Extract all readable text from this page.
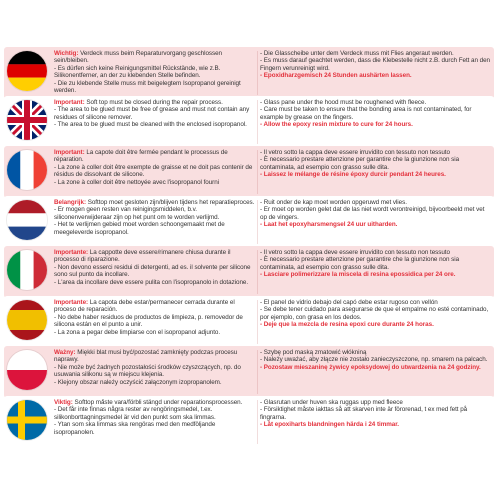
Wichtig: Verdeck muss beim Reparaturvorgang geschlossen sein/bleiben.
- Es dürfen sich keine Reinigungsmittel Rückstände, wie z.B. Silikonentferner, an der zu klebenden Stelle befinden.
- Die zu klebende Stelle muss mit beigelegtem Isopropanol gereinigt werden.
- Die Glasscheibe unter dem Verdeck muss mit Flies angeraut werden.
- Es muss darauf geachtet werden, dass die Klebestelle nicht z.B. durch Fett an den Fingern verunreinigt wird.
- Epoxidharzgemisch 24 Stunden aushärten lassen.
Important: Soft top must be closed during the repair process.
- The area to be glued must be free of grease and must not contain any residues of silicone remover.
- The area to be glued must be cleaned with the enclosed isopropanol.
- Glass pane under the hood must be roughened with fleece.
- Care must be taken to ensure that the bonding area is not contaminated, for example by grease on the fingers.
- Allow the epoxy resin mixture to cure for 24 hours.
Important: La capote doit être fermée pendant le processus de réparation.
- La zone à coller doit être exempte de graisse et ne doit pas contenir de résidus de dissolvant de silicone.
- La zone à coller doit être nettoyée avec l'isopropanol fourni
- Il vetro sotto la cappa deve essere irruvidito con tessuto non tessuto
- È necessario prestare attenzione per garantire che la giunzione non sia contaminata, ad esempio con grasso sulle dita.
- Laissez le mélange de résine époxy durcir pendant 24 heures.
Belangrijk: Softtop moet gesloten zijn/blijven tijdens het reparatieproces.
- Er mogen geen resten van reinigingsmiddelen, b.v. siliconenverwijderaar zijn op het punt om te worden verlijmd.
- Het te verlijmen gebied moet worden schoongemaakt met de meegeleverde isopropanol.
- Ruit onder de kap moet worden opgeruwd met vlies.
- Er moet op worden gelet dat de las niet wordt verontreinigd, bijvoorbeeld met vet op de vingers.
- Laat het epoxyharsmengsel 24 uur uitharden.
Importante: La cappotte deve essere/rimanere chiusa durante il processo di riparazione.
- Non devono esserci residui di detergenti, ad es. il solvente per silicone sono sul punto da incollare.
- L'area da incollare deve essere pulita con l'isopropanolo in dotazione.
- Il vetro sotto la cappa deve essere irruvidito con tessuto non tessuto
- È necessario prestare attenzione per garantire che la giunzione non sia contaminata, ad esempio con grasso sulle dita.
- Lasciare polimerizzare la miscela di resina epossidica per 24 ore.
Importante: La capota debe estar/permanecer cerrada durante el proceso de reparación.
- No debe haber residuos de productos de limpieza, p. removedor de silicona están en el punto a unir.
- La zona a pegar debe limpiarse con el isopropanol adjunto.
- El panel de vidrio debajo del capó debe estar rugoso con vellón
- Se debe tener cuidado para asegurarse de que el empalme no esté contaminado, por ejemplo, con grasa en los dedos.
- Deje que la mezcla de resina epoxi cure durante 24 horas.
Ważny: Miękki blat musi być/pozostać zamknięty podczas procesu naprawy.
- Nie może być żadnych pozostałości środków czyszczących, np. do usuwania silikonu są w miejscu klejenia.
- Klejony obszar należy oczyścić załączonym izopropanolem.
- Szybę pod maską zmatowić włókniną
- Należy uważać, aby złącze nie zostało zanieczyszczone, np. smarem na palcach.
- Pozostaw mieszaninę żywicy epoksydowej do utwardzenia na 24 godziny.
Viktig: Softtop måste vara/förbli stängd under reparationsprocessen.
- Det får inte finnas några rester av rengöringsmedel, t.ex. silikonborttagningsmedel är vid den punkt som ska limmas.
- Ytan som ska limmas ska rengöras med den medföljande isopropanolen.
- Glasrutan under huven ska ruggas upp med fleece
- Försiktighet måste iakttas så att skarven inte är förorenad, t ex med fett på fingrarna.
- Låt epoxiharts blandningen härda i 24 timmar.
